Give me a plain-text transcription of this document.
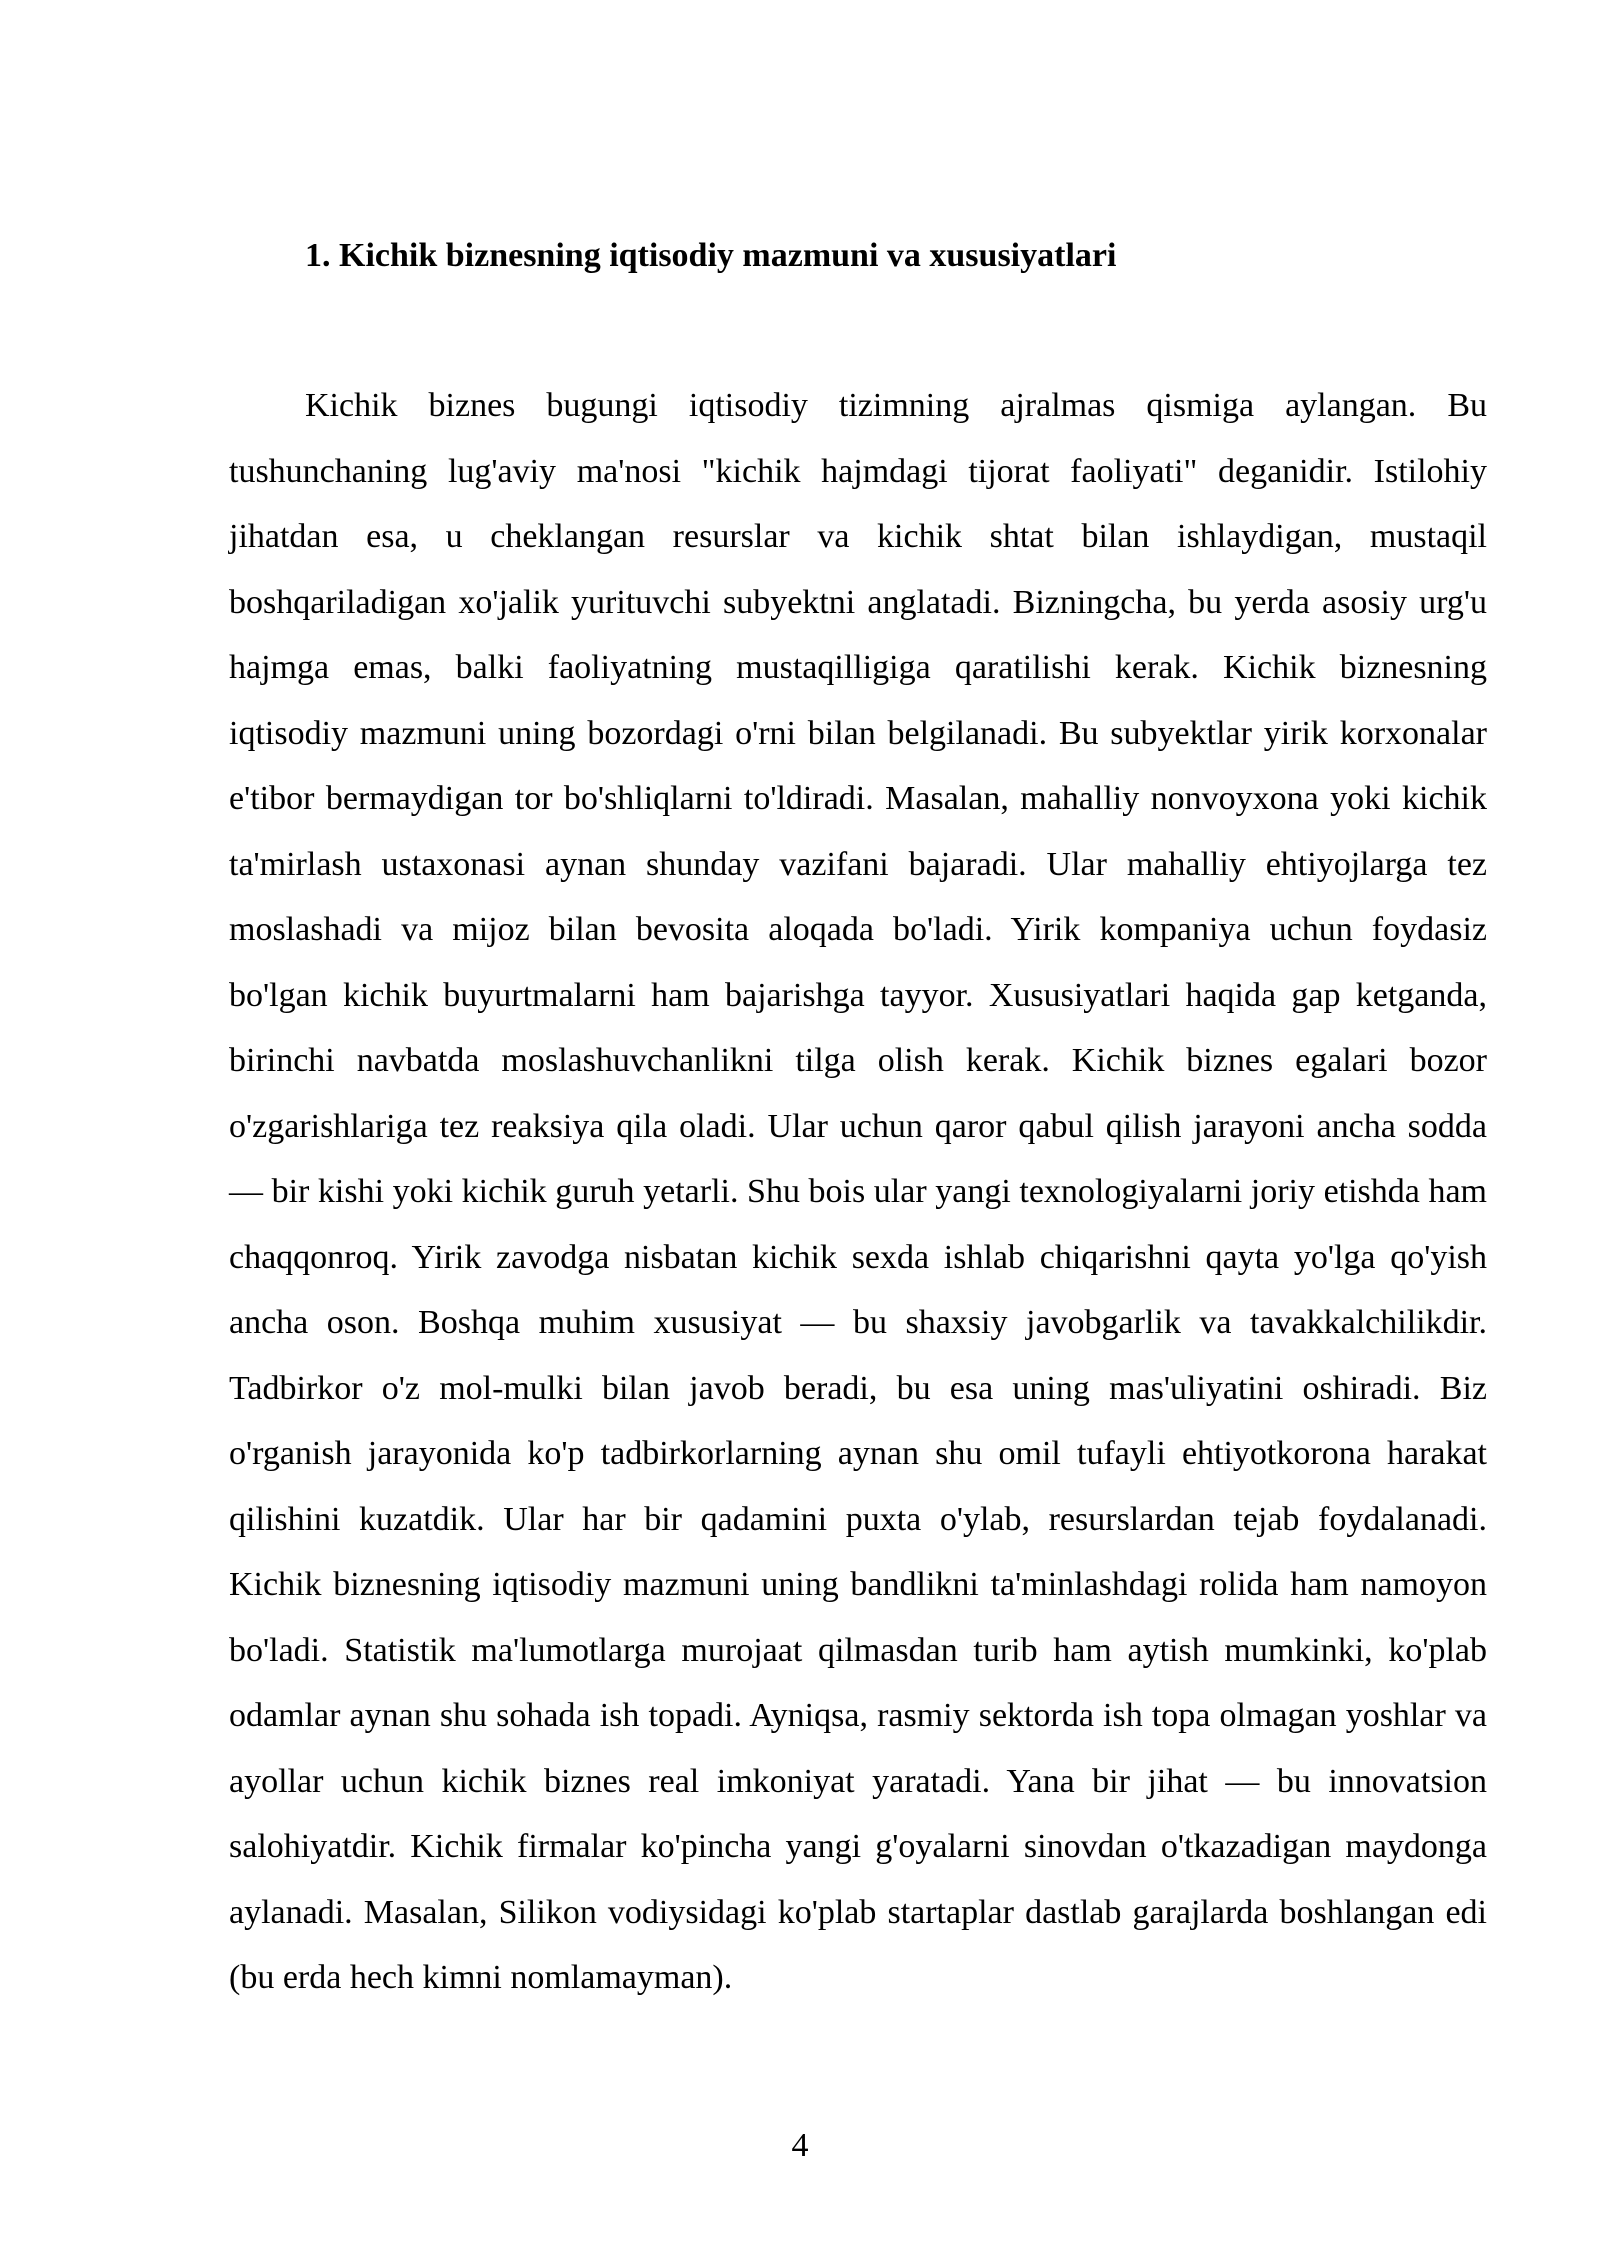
1. Kichik biznesning iqtisodiy mazmuni va xususiyatlari

Kichik biznes bugungi iqtisodiy tizimning ajralmas qismiga aylangan. Bu tushunchaning lug'aviy ma'nosi "kichik hajmdagi tijorat faoliyati" deganidir. Istilohiy jihatdan esa, u cheklangan resurslar va kichik shtat bilan ishlaydigan, mustaqil boshqariladigan xo'jalik yurituvchi subyektni anglatadi. Bizningcha, bu yerda asosiy urg'u hajmga emas, balki faoliyatning mustaqilligiga qaratilishi kerak. Kichik biznesning iqtisodiy mazmuni uning bozordagi o'rni bilan belgilanadi. Bu subyektlar yirik korxonalar e'tibor bermaydigan tor bo'shliqlarni to'ldiradi. Masalan, mahalliy nonvoyxona yoki kichik ta'mirlash ustaxonasi aynan shunday vazifani bajaradi. Ular mahalliy ehtiyojlarga tez moslashadi va mijoz bilan bevosita aloqada bo'ladi. Yirik kompaniya uchun foydasiz bo'lgan kichik buyurtmalarni ham bajarishga tayyor. Xususiyatlari haqida gap ketganda, birinchi navbatda moslashuvchanlikni tilga olish kerak. Kichik biznes egalari bozor o'zgarishlariga tez reaksiya qila oladi. Ular uchun qaror qabul qilish jarayoni ancha sodda — bir kishi yoki kichik guruh yetarli. Shu bois ular yangi texnologiyalarni joriy etishda ham chaqqonroq. Yirik zavodga nisbatan kichik sexda ishlab chiqarishni qayta yo'lga qo'yish ancha oson. Boshqa muhim xususiyat — bu shaxsiy javobgarlik va tavakkalchilikdir. Tadbirkor o'z mol-mulki bilan javob beradi, bu esa uning mas'uliyatini oshiradi. Biz o'rganish jarayonida ko'p tadbirkorlarning aynan shu omil tufayli ehtiyotkorona harakat qilishini kuzatdik. Ular har bir qadamini puxta o'ylab, resurslardan tejab foydalanadi. Kichik biznesning iqtisodiy mazmuni uning bandlikni ta'minlashdagi rolida ham namoyon bo'ladi. Statistik ma'lumotlarga murojaat qilmasdan turib ham aytish mumkinki, ko'plab odamlar aynan shu sohada ish topadi. Ayniqsa, rasmiy sektorda ish topa olmagan yoshlar va ayollar uchun kichik biznes real imkoniyat yaratadi. Yana bir jihat — bu innovatsion salohiyatdir. Kichik firmalar ko'pincha yangi g'oyalarni sinovdan o'tkazadigan maydonga aylanadi. Masalan, Silikon vodiysidagi ko'plab startaplar dastlab garajlarda boshlangan edi (bu erda hech kimni nomlamayman).

4
